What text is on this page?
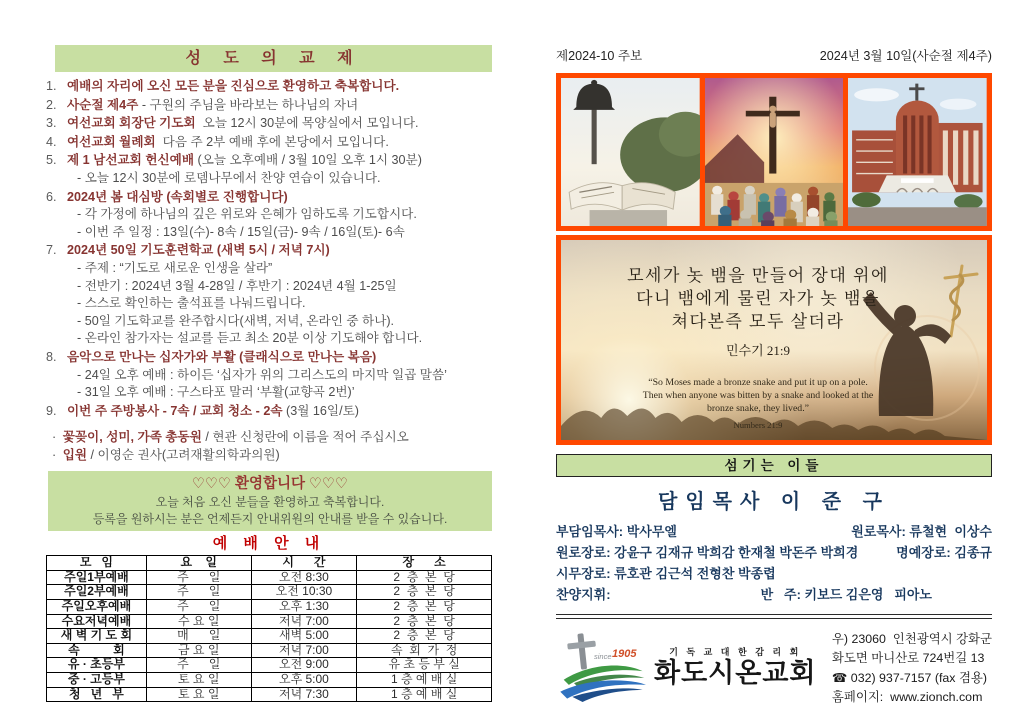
성 도 의 교 제
1. 예배의 자리에 오신 모든 분을 진심으로 환영하고 축복합니다.
2. 사순절 제4주 - 구원의 주님을 바라보는 하나님의 자녀
3. 여선교회 회장단 기도회  오늘 12시 30분에 목양실에서 모입니다.
4. 여선교회 월례회  다음 주 2부 예배 후에 본당에서 모입니다.
5. 제 1 남선교회 헌신예배 (오늘 오후예배 / 3월 10일 오후 1시 30분)
- 오늘 12시 30분에 로뎀나무에서 찬양 연습이 있습니다.
6. 2024년 봄 대심방 (속회별로 진행합니다)
- 각 가정에 하나님의 깊은 위로와 은혜가 임하도록 기도합시다.
- 이번 주 일정 : 13일(수)- 8속 / 15일(금)- 9속 / 16일(토)- 6속
7. 2024년 50일 기도훈련학교 (새벽 5시 / 저녁 7시)
- 주제 : “기도로 새로운 인생을 살라”
- 전반기 : 2024년 3월 4-28일 / 후반기 : 2024년 4월 1-25일
- 스스로 확인하는 출석표를 나눠드립니다.
- 50일 기도학교를 완주합시다(새벽, 저녁, 온라인 중 하나).
- 온라인 참가자는 설교를 듣고 최소 20분 이상 기도해야 합니다.
8. 음악으로 만나는 십자가와 부활 (클래식으로 만나는 복음)
- 24일 오후 예배 : 하이든 ‘십자가 위의 그리스도의 마지막 일곱 말씀’
- 31일 오후 예배 : 구스타포 말러 ‘부활(교향곡 2번)’
9. 이번 주 주방봉사 - 7속 / 교회 청소 - 2속 (3월 16일/토)
· 꽃꽂이, 성미, 가족 총동원 / 현관 신청란에 이름을 적어 주십시오
· 입원 / 이영순 권사(고려재활의학과의원)
♡♡♡ 환영합니다 ♡♡♡
오늘 처음 오신 분들을 환영하고 축복합니다.
등록을 원하시는 분은 언제든지 안내위원의 안내를 받을 수 있습니다.
예 배 안 내
모   임	요    일	시      간	장      소
주일1부예배	주      일	오전 8:30	2  층  본  당
주일2부예배	주      일	오전 10:30	2  층  본  당
주일오후예배	주      일	오후 1:30	2  층  본  당
수요저녁예배	수 요 일	저녁 7:00	2  층  본  당
새 벽 기 도 회	매      일	새벽 5:00	2  층  본  당
속          회	금 요 일	저녁 7:00	속  회  가  정
유 · 초등부	주      일	오전 9:00	유 초 등 부 실
중 · 고등부	토 요 일	오후 5:00	1 층 예 배 실
청   년   부	토 요 일	저녁 7:30	1 층 예 배 실
제2024-10 주보	2024년 3월 10일(사순절 제4주)
모세가 놋 뱀을 만들어 장대 위에
다니 뱀에게 물린 자가 놋 뱀을
쳐다본즉 모두 살더라
민수기 21:9
“So Moses made a bronze snake and put it up on a pole.
Then when anyone was bitten by a snake and looked at the
bronze snake, they lived.”
Numbers 21:9
섬기는 이들
담임목사 이 준 구
부담임목사: 박사무엘	원로목사: 류철현  이상수
원로장로: 강윤구 김재규 박희감 한재철 박돈주 박희경	명예장로: 김종규
시무장로: 류호관 김근석 전형찬 박종렵
찬양지휘:	반   주: 키보드 김은영   피아노
since 1905	기 독 교 대 한 감 리 회
화도시온교회
우) 23060  인천광역시 강화군
화도면 마니산로 724번길 13
☎ 032) 937-7157 (fax 겸용)
홈페이지:  www.zionch.com
